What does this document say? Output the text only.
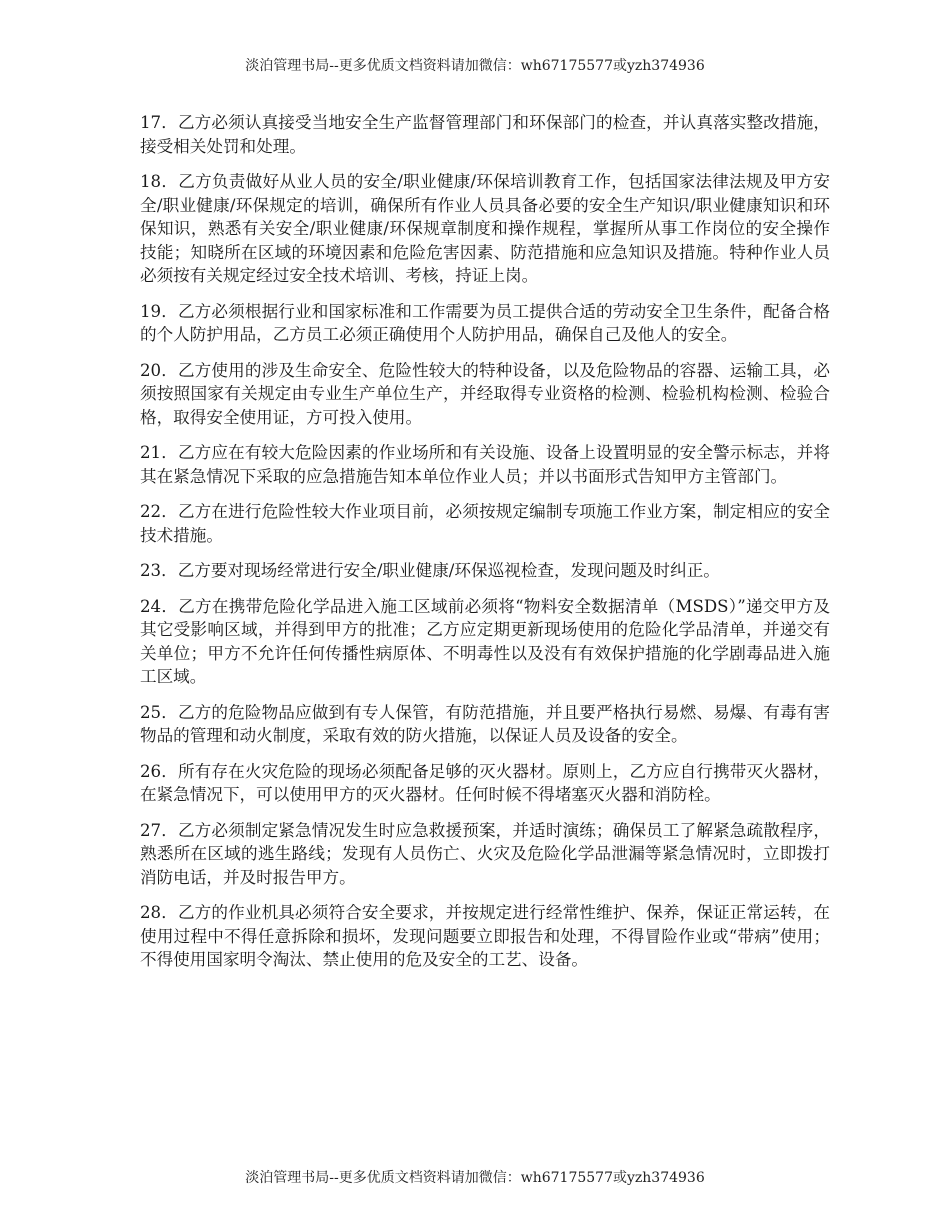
淡泊管理书局--更多优质文档资料请加微信：wh67175577或yzh374936

17．乙方必须认真接受当地安全生产监督管理部门和环保部门的检查，并认真落实整改措施，接受相关处罚和处理。

18．乙方负责做好从业人员的安全/职业健康/环保培训教育工作，包括国家法律法规及甲方安全/职业健康/环保规定的培训，确保所有作业人员具备必要的安全生产知识/职业健康知识和环保知识，熟悉有关安全/职业健康/环保规章制度和操作规程，掌握所从事工作岗位的安全操作技能；知晓所在区域的环境因素和危险危害因素、防范措施和应急知识及措施。特种作业人员必须按有关规定经过安全技术培训、考核，持证上岗。

19．乙方必须根据行业和国家标准和工作需要为员工提供合适的劳动安全卫生条件，配备合格的个人防护用品，乙方员工必须正确使用个人防护用品，确保自己及他人的安全。

20．乙方使用的涉及生命安全、危险性较大的特种设备，以及危险物品的容器、运输工具，必须按照国家有关规定由专业生产单位生产，并经取得专业资格的检测、检验机构检测、检验合格，取得安全使用证，方可投入使用。

21．乙方应在有较大危险因素的作业场所和有关设施、设备上设置明显的安全警示标志，并将其在紧急情况下采取的应急措施告知本单位作业人员；并以书面形式告知甲方主管部门。

22．乙方在进行危险性较大作业项目前，必须按规定编制专项施工作业方案，制定相应的安全技术措施。

23．乙方要对现场经常进行安全/职业健康/环保巡视检查，发现问题及时纠正。

24．乙方在携带危险化学品进入施工区域前必须将“物料安全数据清单（MSDS）”递交甲方及其它受影响区域，并得到甲方的批准；乙方应定期更新现场使用的危险化学品清单，并递交有关单位；甲方不允许任何传播性病原体、不明毒性以及没有有效保护措施的化学剧毒品进入施工区域。

25．乙方的危险物品应做到有专人保管，有防范措施，并且要严格执行易燃、易爆、有毒有害物品的管理和动火制度，采取有效的防火措施，以保证人员及设备的安全。

26．所有存在火灾危险的现场必须配备足够的灭火器材。原则上，乙方应自行携带灭火器材，在紧急情况下，可以使用甲方的灭火器材。任何时候不得堵塞灭火器和消防栓。

27．乙方必须制定紧急情况发生时应急救援预案，并适时演练；确保员工了解紧急疏散程序，熟悉所在区域的逃生路线；发现有人员伤亡、火灾及危险化学品泄漏等紧急情况时，立即拨打消防电话，并及时报告甲方。

28．乙方的作业机具必须符合安全要求，并按规定进行经常性维护、保养，保证正常运转，在使用过程中不得任意拆除和损坏，发现问题要立即报告和处理，不得冒险作业或“带病”使用；不得使用国家明令淘汰、禁止使用的危及安全的工艺、设备。

淡泊管理书局--更多优质文档资料请加微信：wh67175577或yzh374936
